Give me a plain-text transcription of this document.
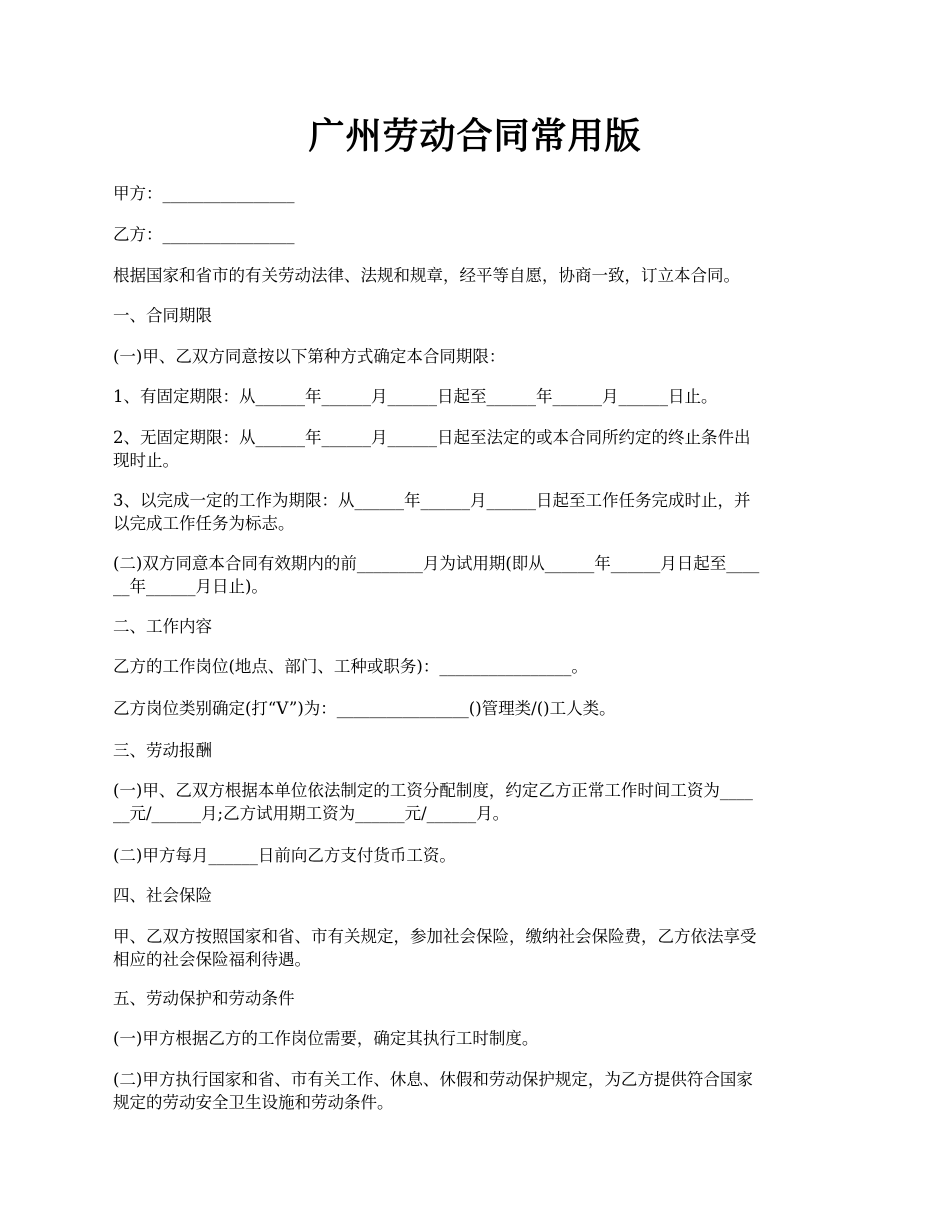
广州劳动合同常用版
甲方：________________
乙方：________________
根据国家和省市的有关劳动法律、法规和规章，经平等自愿，协商一致，订立本合同。
一、合同期限
(一)甲、乙双方同意按以下第种方式确定本合同期限：
1、有固定期限：从______年______月______日起至______年______月______日止。
2、无固定期限：从______年______月______日起至法定的或本合同所约定的终止条件出
现时止。
3、以完成一定的工作为期限：从______年______月______日起至工作任务完成时止，并
以完成工作任务为标志。
(二)双方同意本合同有效期内的前________月为试用期(即从______年______月日起至____
__年______月日止)。
二、工作内容
乙方的工作岗位(地点、部门、工种或职务)：________________。
乙方岗位类别确定(打“V”)为：________________()管理类/()工人类。
三、劳动报酬
(一)甲、乙双方根据本单位依法制定的工资分配制度，约定乙方正常工作时间工资为____
__元/______月;乙方试用期工资为______元/______月。
(二)甲方每月______日前向乙方支付货币工资。
四、社会保险
甲、乙双方按照国家和省、市有关规定，参加社会保险，缴纳社会保险费，乙方依法享受
相应的社会保险福利待遇。
五、劳动保护和劳动条件
(一)甲方根据乙方的工作岗位需要，确定其执行工时制度。
(二)甲方执行国家和省、市有关工作、休息、休假和劳动保护规定，为乙方提供符合国家
规定的劳动安全卫生设施和劳动条件。
